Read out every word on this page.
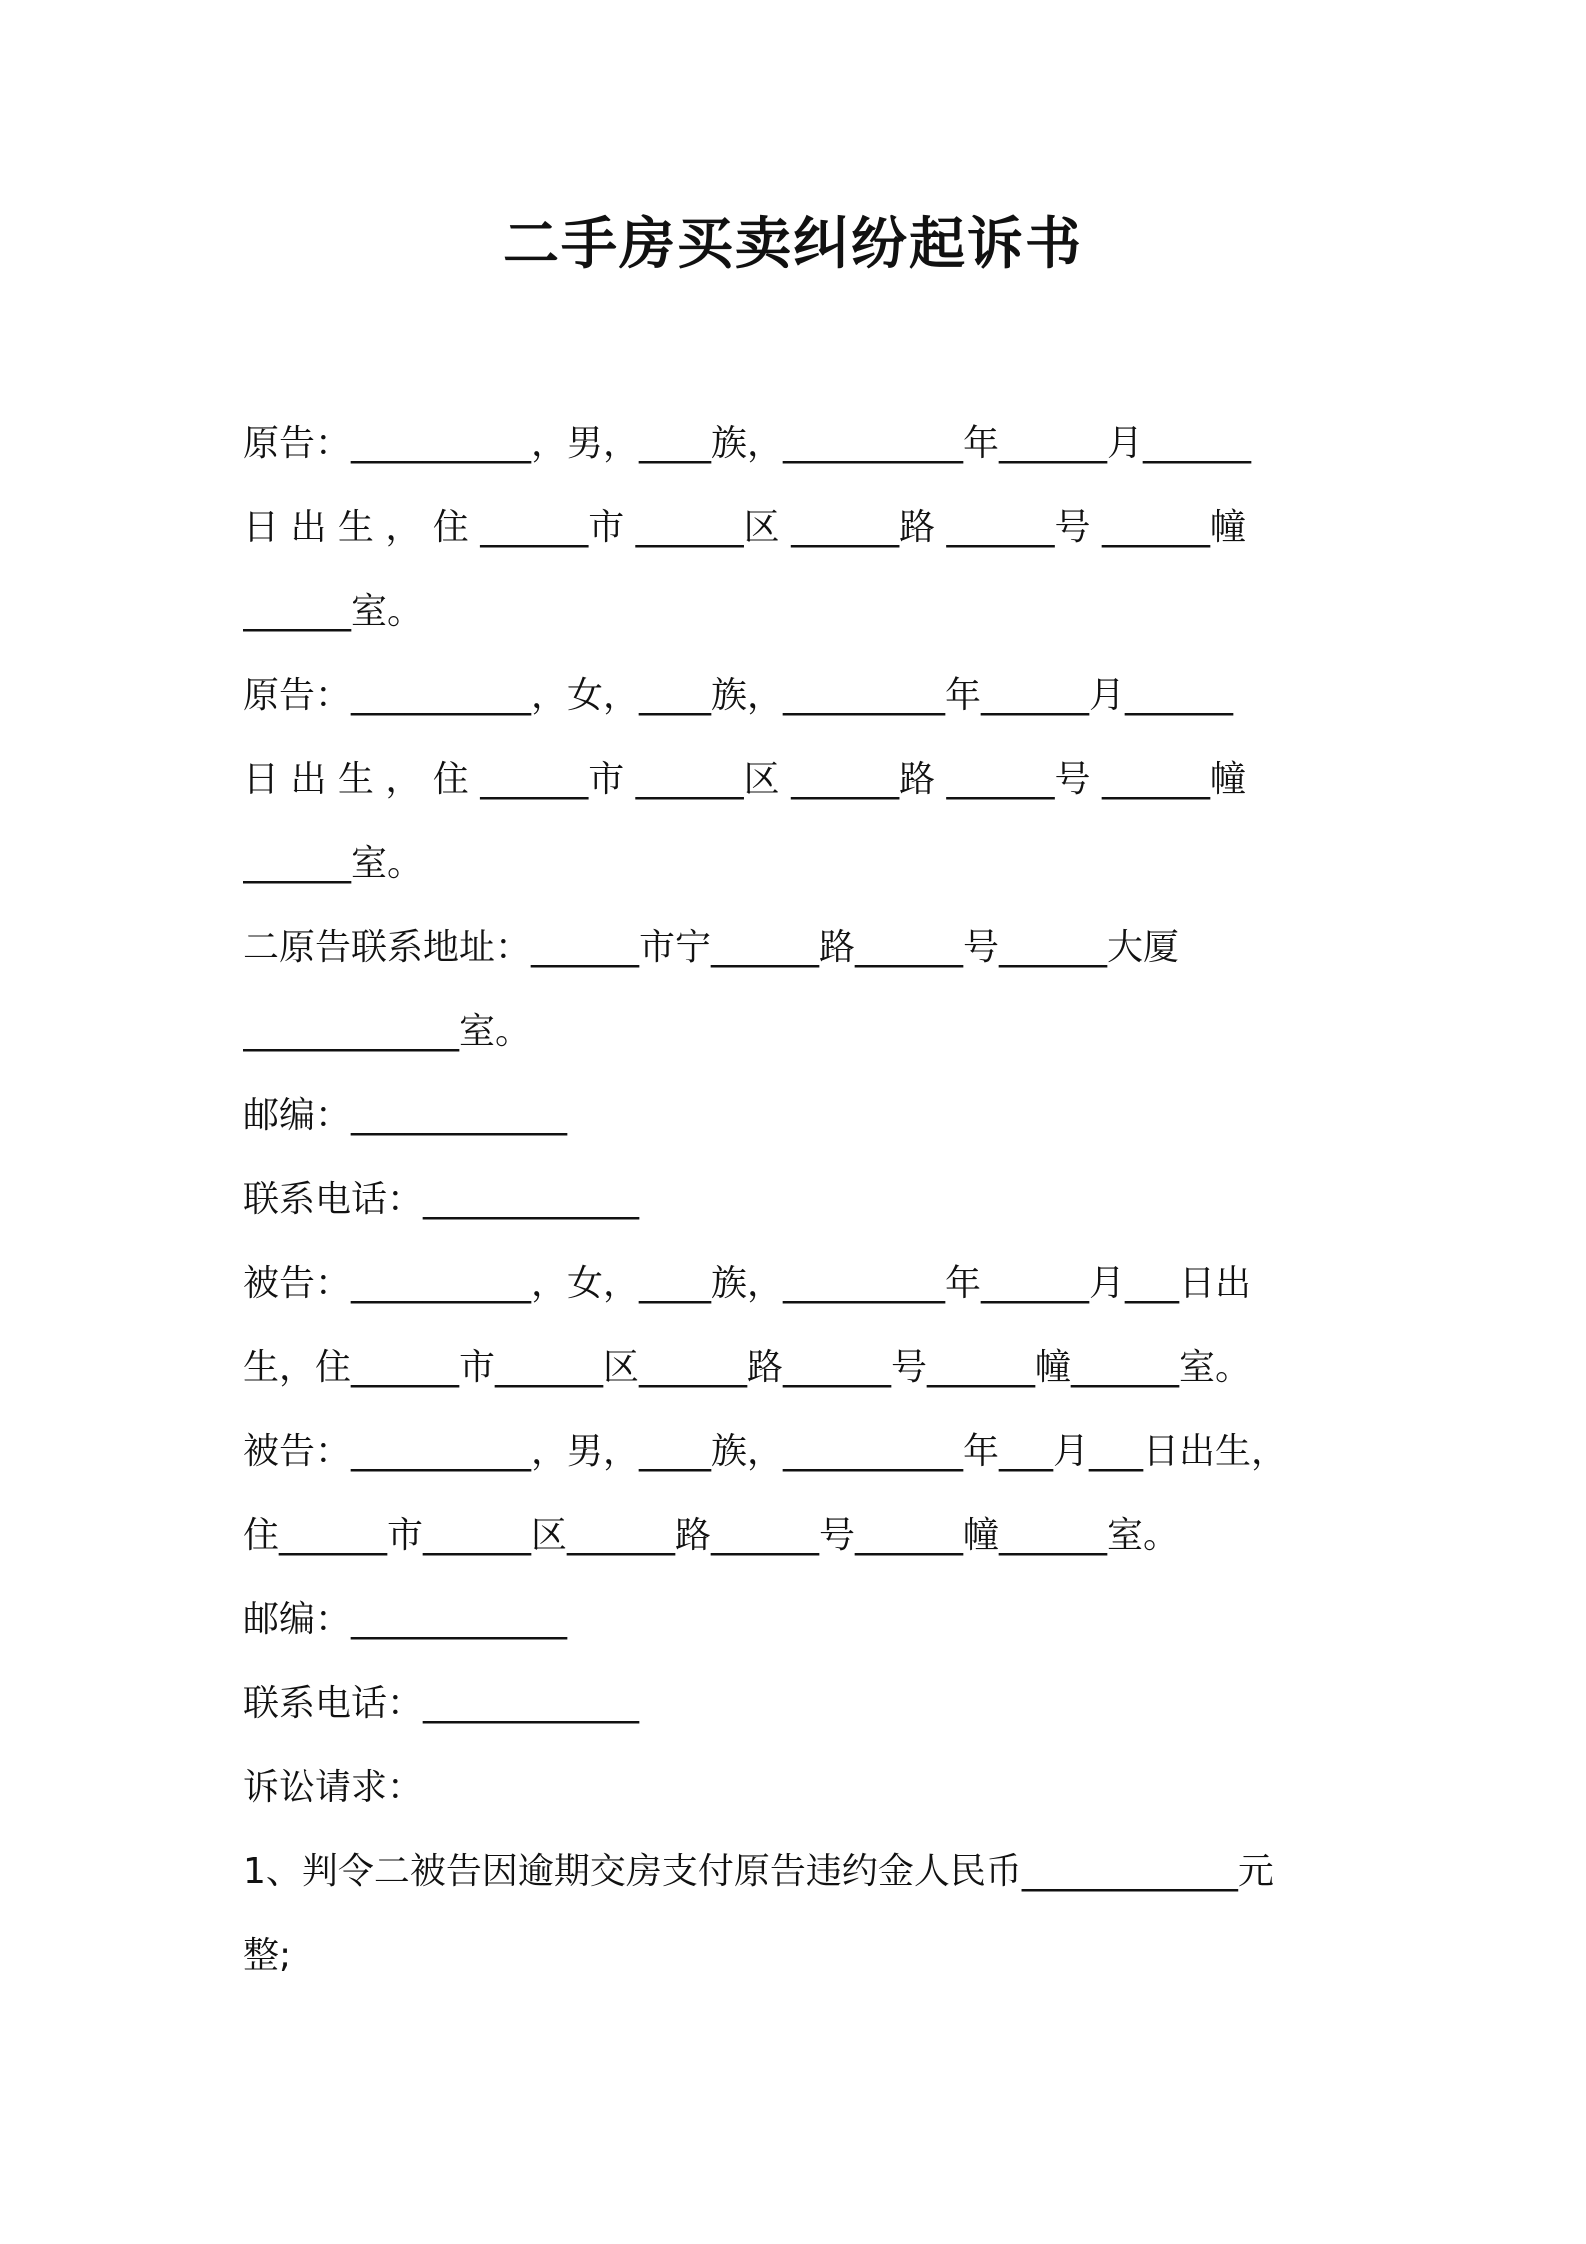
二手房买卖纠纷起诉书
原告：__________，男，____族，__________年______月______
日 出 生 ， 住 ______市 ______区 ______路 ______号 ______幢
______室。
原告：__________，女，____族，_________年______月______
日 出 生 ， 住 ______市 ______区 ______路 ______号 ______幢
______室。
二原告联系地址：______市宁______路______号______大厦
____________室。
邮编：____________
联系电话：____________
被告：__________，女，____族，_________年______月___日出
生，住______市______区______路______号______幢______室。
被告：__________，男，____族，__________年___月___日出生，
住______市______区______路______号______幢______室。
邮编：____________
联系电话：____________
诉讼请求：
1、判令二被告因逾期交房支付原告违约金人民币____________元
整;
